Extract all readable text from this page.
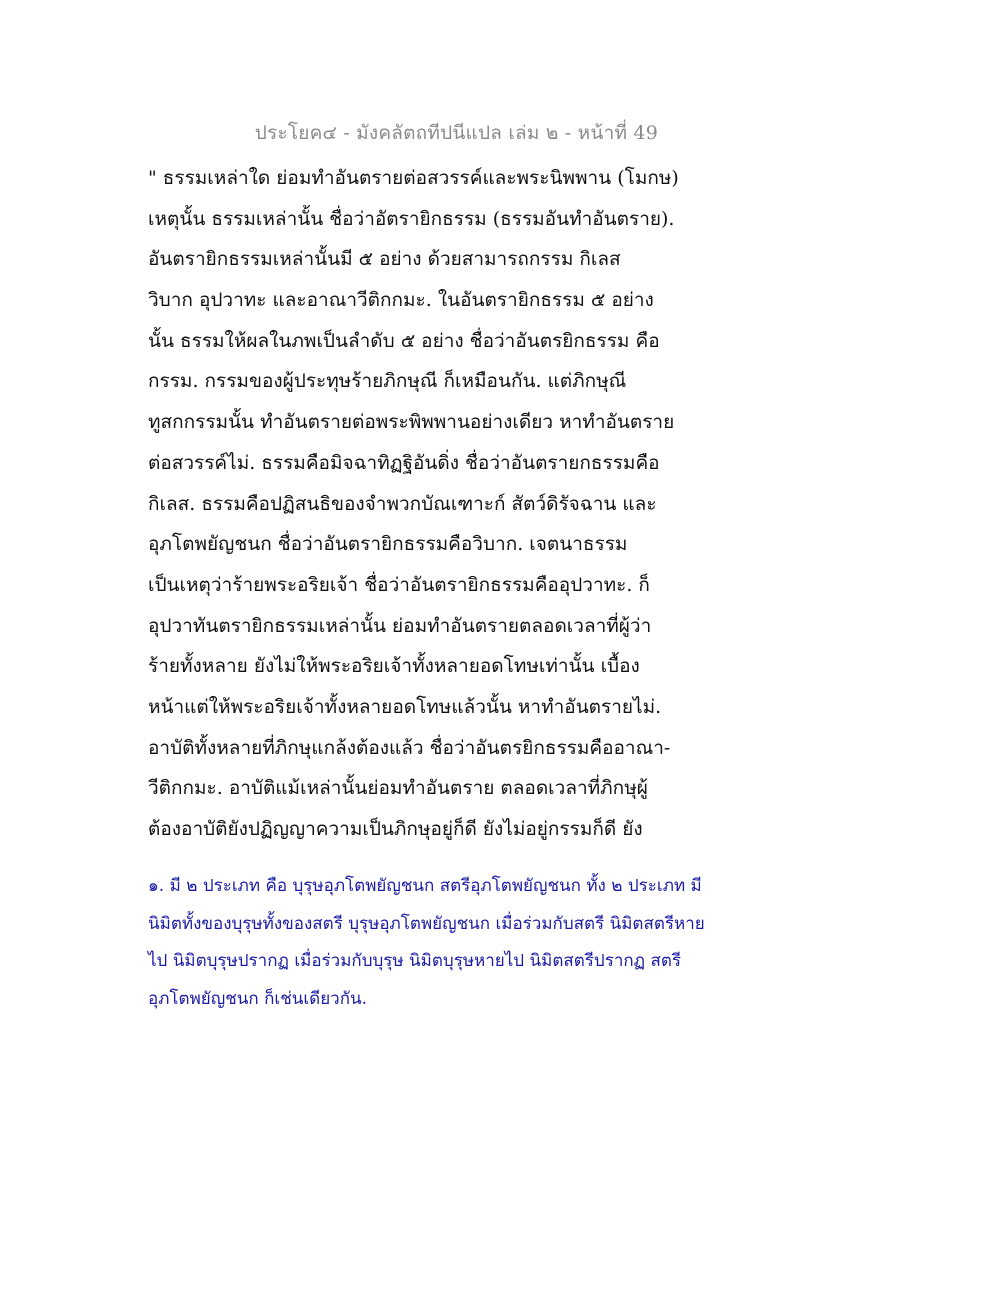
ประโยค๔ - มังคลัตถทีปนีแปล เล่ม ๒ - หน้าที่ 49
" ธรรมเหล่าใด ย่อมทำอันตรายต่อสวรรค์และพระนิพพาน (โมกษ)
เหตุนั้น ธรรมเหล่านั้น ชื่อว่าอัตรายิกธรรม (ธรรมอันทำอันตราย).
อันตรายิกธรรมเหล่านั้นมี ๕ อย่าง ด้วยสามารถกรรม กิเลส
วิบาก อุปวาทะ และอาณาวีติกกมะ. ในอันตรายิกธรรม ๕ อย่าง
นั้น ธรรมให้ผลในภพเป็นลำดับ ๕ อย่าง ชื่อว่าอันตรยิกธรรม คือ
กรรม. กรรมของผู้ประทุษร้ายภิกษุณี ก็เหมือนกัน. แต่ภิกษุณี
ทูสกกรรมนั้น ทำอันตรายต่อพระพิพพานอย่างเดียว หาทำอันตราย
ต่อสวรรค์ไม่. ธรรมคือมิจฉาทิฏฐิอันดิ่ง ชื่อว่าอันตรายกธรรมคือ
กิเลส. ธรรมคือปฏิสนธิของจำพวกบัณเฑาะก์ สัตว์ดิรัจฉาน และ
อุภโตพยัญชนก ชื่อว่าอันตรายิกธรรมคือวิบาก. เจตนาธรรม
เป็นเหตุว่าร้ายพระอริยเจ้า ชื่อว่าอันตรายิกธรรมคืออุปวาทะ. ก็
อุปวาทันตรายิกธรรมเหล่านั้น ย่อมทำอันตรายตลอดเวลาที่ผู้ว่า
ร้ายทั้งหลาย ยังไม่ให้พระอริยเจ้าทั้งหลายอดโทษเท่านั้น เบื้อง
หน้าแต่ให้พระอริยเจ้าทั้งหลายอดโทษแล้วนั้น หาทำอันตรายไม่.
อาบัติทั้งหลายที่ภิกษุแกล้งต้องแล้ว ชื่อว่าอันตรยิกธรรมคืออาณา-
วีติกกมะ. อาบัติแม้เหล่านั้นย่อมทำอันตราย ตลอดเวลาที่ภิกษุผู้
ต้องอาบัติยังปฏิญญาความเป็นภิกษุอยู่ก็ดี ยังไม่อยู่กรรมก็ดี ยัง
๑. มี ๒ ประเภท คือ บุรุษอุภโตพยัญชนก สตรีอุภโตพยัญชนก ทั้ง ๒ ประเภท มี
นิมิตทั้งของบุรุษทั้งของสตรี บุรุษอุภโตพยัญชนก เมื่อร่วมกับสตรี นิมิตสตรีหาย
ไป นิมิตบุรุษปรากฏ เมื่อร่วมกับบุรุษ นิมิตบุรุษหายไป นิมิตสตรีปรากฏ สตรี
อุภโตพยัญชนก ก็เช่นเดียวกัน.
